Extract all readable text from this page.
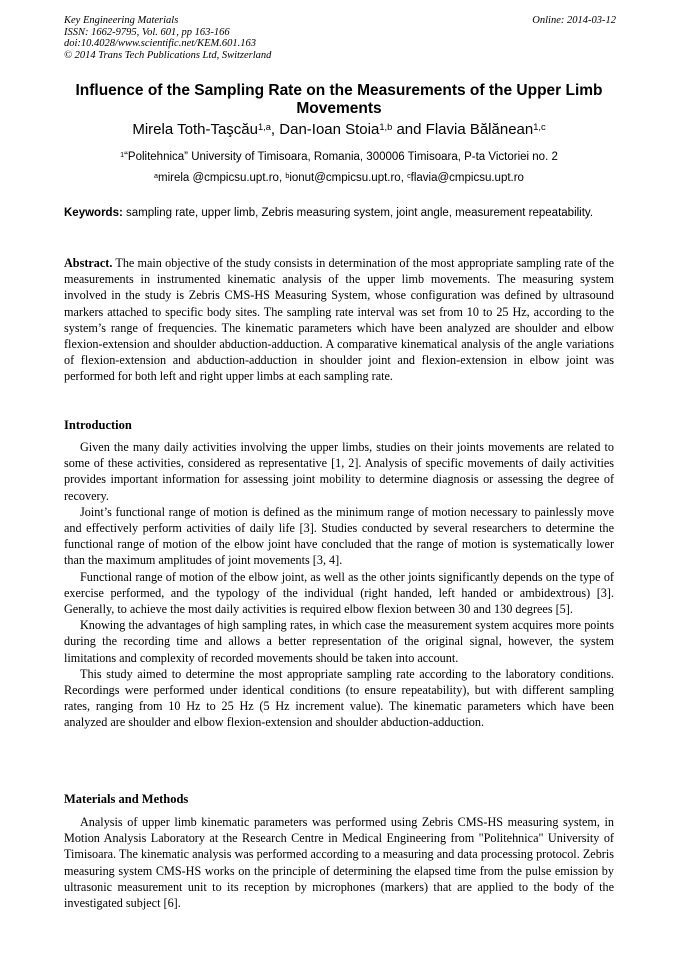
Key Engineering Materials
ISSN: 1662-9795, Vol. 601, pp 163-166
doi:10.4028/www.scientific.net/KEM.601.163
© 2014 Trans Tech Publications Ltd, Switzerland
Online: 2014-03-12
Influence of the Sampling Rate on the Measurements of the Upper Limb Movements
Mirela Toth-Taşcău$^{1,a}$, Dan-Ioan Stoia$^{1,b}$ and Flavia Bălănean$^{1,c}$
$^1$“Politehnica” University of Timisoara, Romania, 300006 Timisoara, P-ta Victoriei no. 2
$^a$mirela @cmpicsu.upt.ro, $^b$ionut@cmpicsu.upt.ro, $^c$flavia@cmpicsu.upt.ro

Keywords: sampling rate, upper limb, Zebris measuring system, joint angle, measurement repeatability.

Abstract. The main objective of the study consists in determination of the most appropriate sampling rate of the measurements in instrumented kinematic analysis of the upper limb movements. The measuring system involved in the study is Zebris CMS-HS Measuring System, whose configuration was defined by ultrasound markers attached to specific body sites. The sampling rate interval was set from 10 to 25 Hz, according to the system’s range of frequencies. The kinematic parameters which have been analyzed are shoulder and elbow flexion-extension and shoulder abduction-adduction. A comparative kinematical analysis of the angle variations of flexion-extension and abduction-adduction in shoulder joint and flexion-extension in elbow joint was performed for both left and right upper limbs at each sampling rate.

Introduction

Given the many daily activities involving the upper limbs, studies on their joints movements are related to some of these activities, considered as representative [1, 2]. Analysis of specific movements of daily activities provides important information for assessing joint mobility to determine diagnosis or assessing the degree of recovery.

Joint’s functional range of motion is defined as the minimum range of motion necessary to painlessly move and effectively perform activities of daily life [3]. Studies conducted by several researchers to determine the functional range of motion of the elbow joint have concluded that the range of motion is systematically lower than the maximum amplitudes of joint movements [3, 4].

Functional range of motion of the elbow joint, as well as the other joints significantly depends on the type of exercise performed, and the typology of the individual (right handed, left handed or ambidextrous) [3]. Generally, to achieve the most daily activities is required elbow flexion between 30 and 130 degrees [5].

Knowing the advantages of high sampling rates, in which case the measurement system acquires more points during the recording time and allows a better representation of the original signal, however, the system limitations and complexity of recorded movements should be taken into account.

This study aimed to determine the most appropriate sampling rate according to the laboratory conditions. Recordings were performed under identical conditions (to ensure repeatability), but with different sampling rates, ranging from 10 Hz to 25 Hz (5 Hz increment value). The kinematic parameters which have been analyzed are shoulder and elbow flexion-extension and shoulder abduction-adduction.

Materials and Methods

Analysis of upper limb kinematic parameters was performed using Zebris CMS-HS measuring system, in Motion Analysis Laboratory at the Research Centre in Medical Engineering from "Politehnica" University of Timisoara. The kinematic analysis was performed according to a measuring and data processing protocol. Zebris measuring system CMS-HS works on the principle of determining the elapsed time from the pulse emission by ultrasonic measurement unit to its reception by microphones (markers) that are applied to the body of the investigated subject [6].
